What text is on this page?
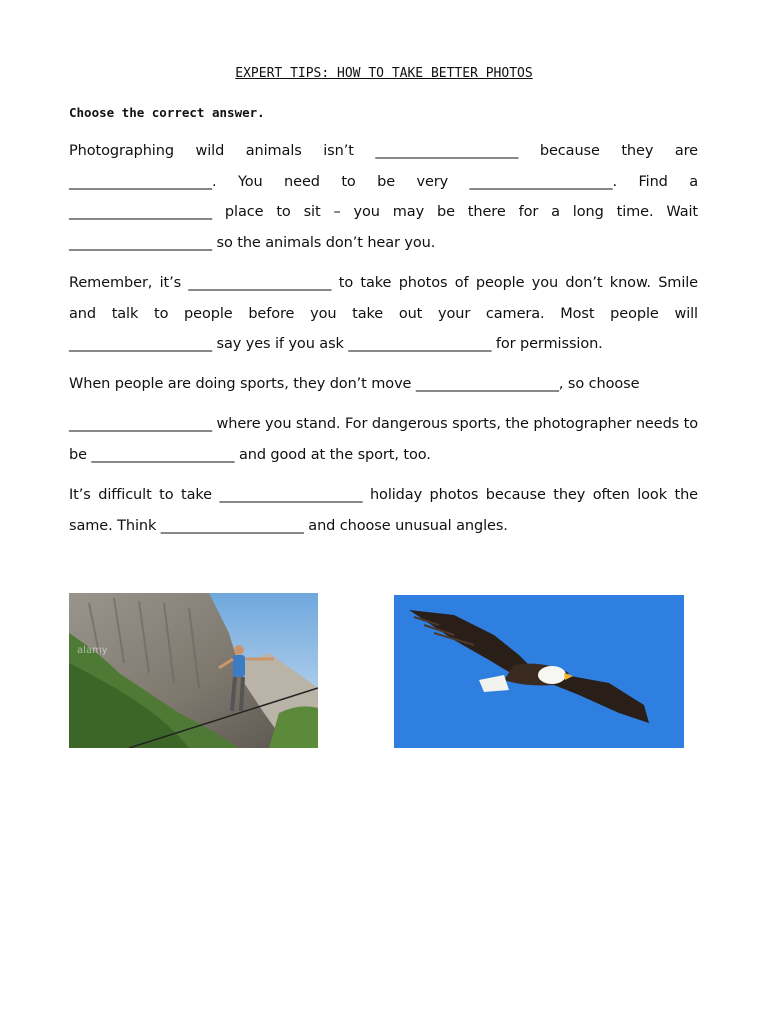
EXPERT TIPS: HOW TO TAKE BETTER PHOTOS
Choose the correct answer.
Photographing wild animals isn’t ____________________ because they are ____________________. You need to be very ____________________. Find a ____________________ place to sit – you may be there for a long time. Wait ____________________ so the animals don’t hear you.
Remember, it’s ____________________ to take photos of people you don’t know. Smile and talk to people before you take out your camera. Most people will ____________________ say yes if you ask ____________________ for permission.
When people are doing sports, they don’t move ____________________, so choose
____________________ where you stand. For dangerous sports, the photographer needs to be ____________________ and good at the sport, too.
It’s difficult to take ____________________ holiday photos because they often look the same. Think ____________________ and choose unusual angles.
alamy
